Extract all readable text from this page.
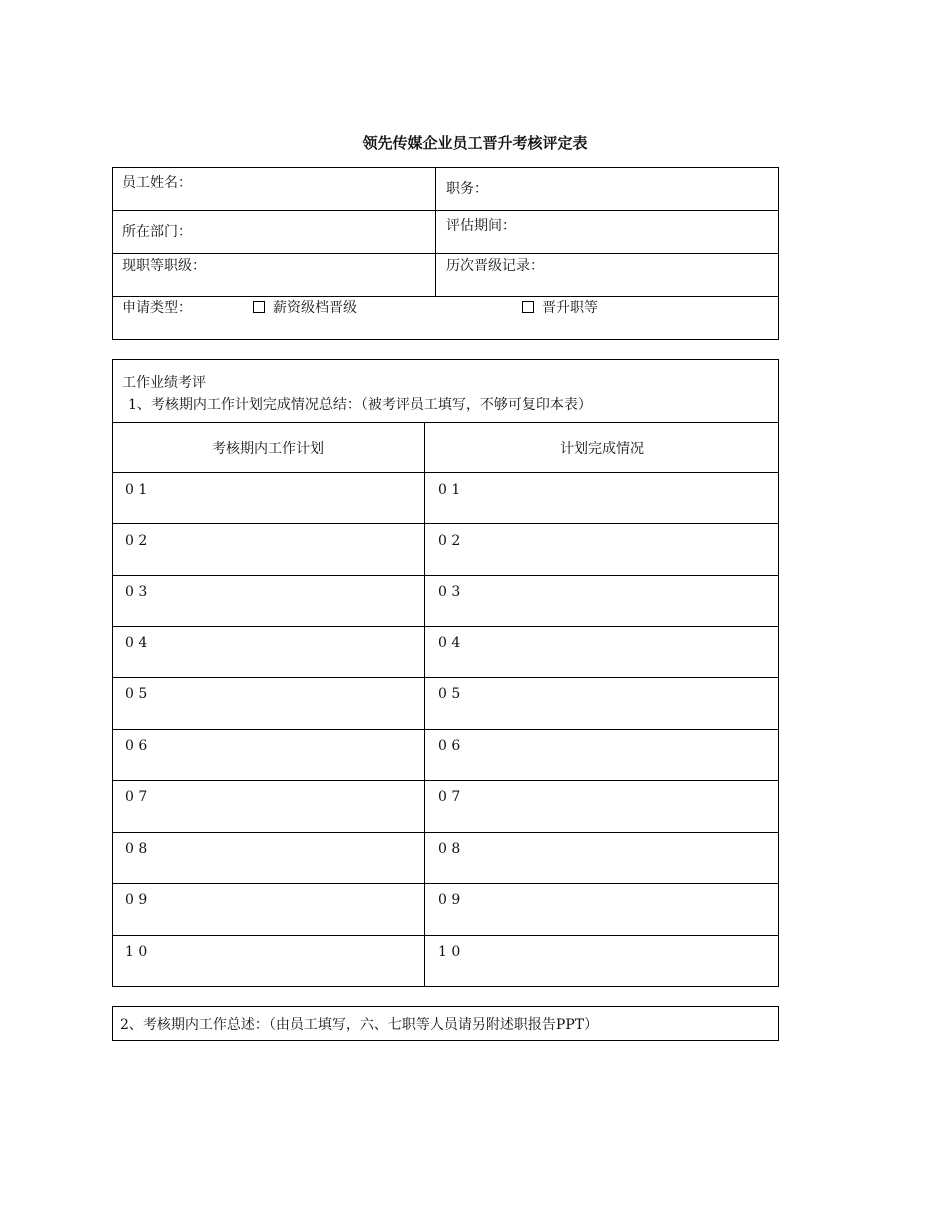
领先传媒企业员工晋升考核评定表
员工姓名：	职务：
所在部门：	评估期间：
现职等职级：	历次晋级记录：
申请类型：	薪资级档晋级	晋升职等
工作业绩考评
1、考核期内工作计划完成情况总结：（被考评员工填写，不够可复印本表）
考核期内工作计划	计划完成情况
0 1	0 1
0 2	0 2
0 3	0 3
0 4	0 4
0 5	0 5
0 6	0 6
0 7	0 7
0 8	0 8
0 9	0 9
1 0	1 0
2、考核期内工作总述：（由员工填写，六、七职等人员请另附述职报告PPT）
